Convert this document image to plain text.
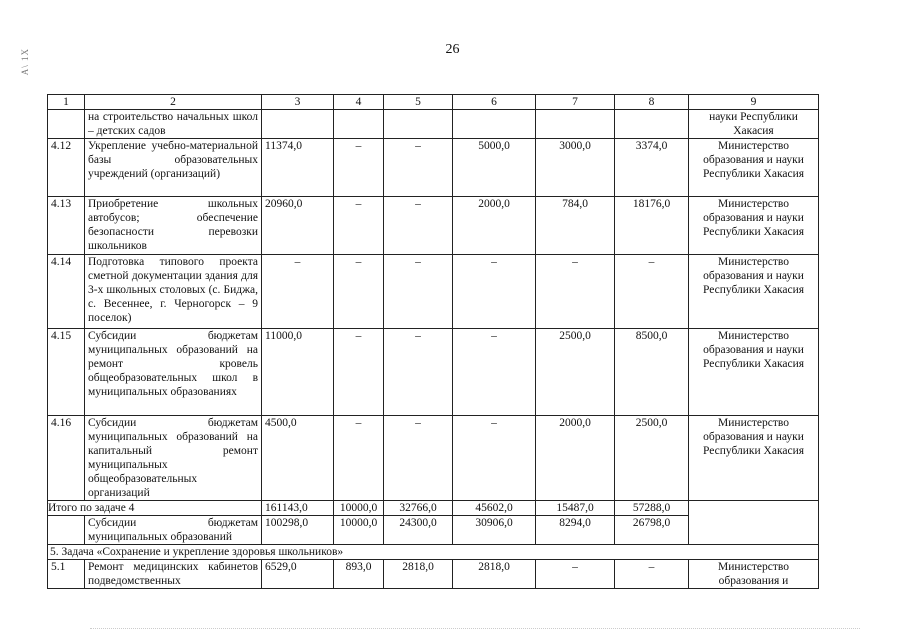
А\ 1Х	26
1	2	3	4	5	6	7	8	9
	на строительство начальных школ – детских садов							науки Республики Хакасия
4.12	Укрепление учебно-материальной базы образовательных учреждений (организаций)	11374,0	–	–	5000,0	3000,0	3374,0	Министерство образования и науки Республики Хакасия
4.13	Приобретение школьных автобусов; обеспечение безопасности перевозки школьников	20960,0	–	–	2000,0	784,0	18176,0	Министерство образования и науки Республики Хакасия
4.14	Подготовка типового проекта сметной документации здания для 3-х школьных столовых (с. Биджа, с. Весеннее, г. Черногорск – 9 поселок)	–	–	–	–	–	–	Министерство образования и науки Республики Хакасия
4.15	Субсидии бюджетам муниципальных образований на ремонт кровель общеобразовательных школ в муниципальных образованиях	11000,0	–	–	–	2500,0	8500,0	Министерство образования и науки Республики Хакасия
4.16	Субсидии бюджетам муниципальных образований на капитальный ремонт муниципальных общеобразовательных организаций	4500,0	–	–	–	2000,0	2500,0	Министерство образования и науки Республики Хакасия
Итого по задаче 4		161143,0	10000,0	32766,0	45602,0	15487,0	57288,0	
	Субсидии бюджетам муниципальных образований	100298,0	10000,0	24300,0	30906,0	8294,0	26798,0	
5. Задача «Сохранение и укрепление здоровья школьников»								
5.1	Ремонт медицинских кабинетов подведомственных	6529,0	893,0	2818,0	2818,0	–	–	Министерство образования и
